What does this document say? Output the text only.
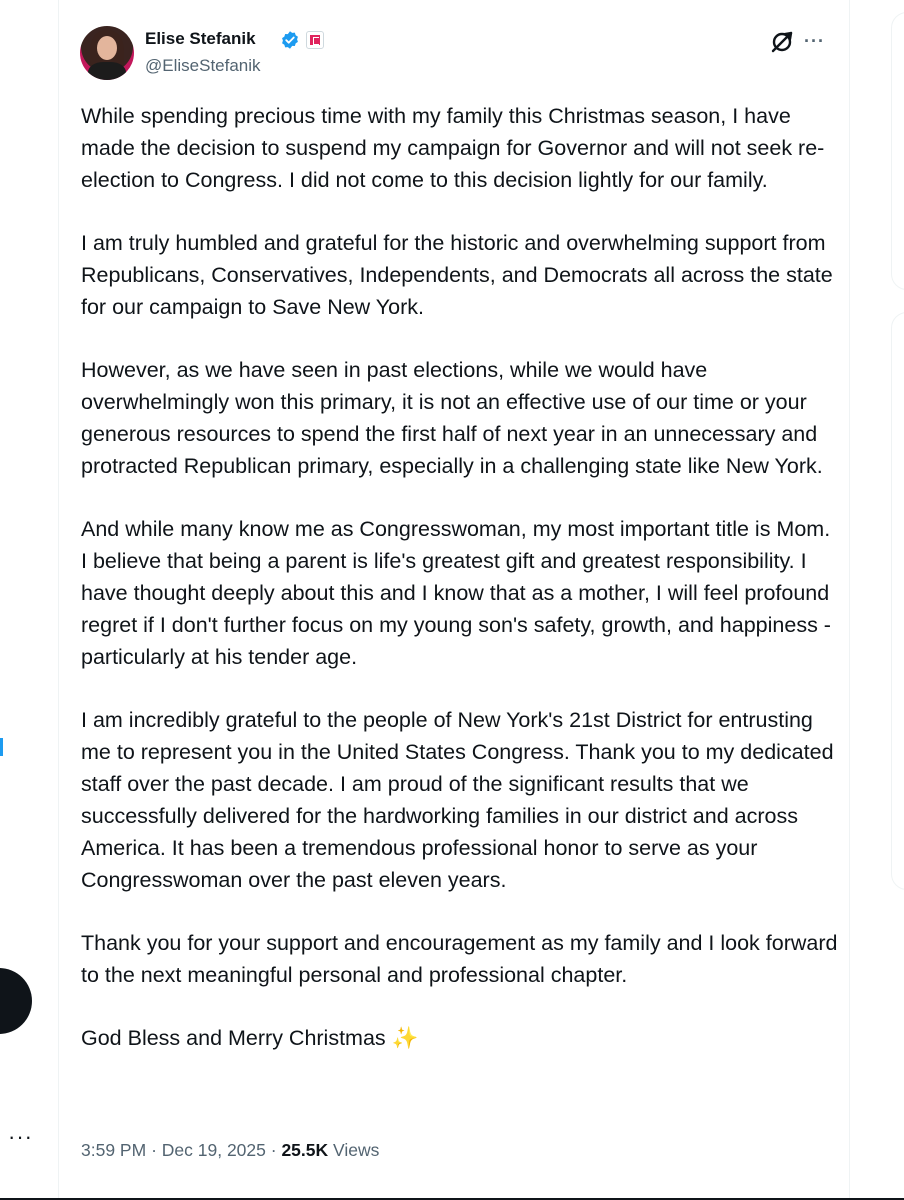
···
Elise Stefanik
@EliseStefanik
···

While spending precious time with my family this Christmas season, I have made the decision to suspend my campaign for Governor and will not seek re-election to Congress. I did not come to this decision lightly for our family.

I am truly humbled and grateful for the historic and overwhelming support from Republicans, Conservatives, Independents, and Democrats all across the state for our campaign to Save New York.

However, as we have seen in past elections, while we would have overwhelmingly won this primary, it is not an effective use of our time or your generous resources to spend the first half of next year in an unnecessary and protracted Republican primary, especially in a challenging state like New York.

And while many know me as Congresswoman, my most important title is Mom. I believe that being a parent is life's greatest gift and greatest responsibility. I have thought deeply about this and I know that as a mother, I will feel profound regret if I don't further focus on my young son's safety, growth, and happiness - particularly at his tender age.

I am incredibly grateful to the people of New York's 21st District for entrusting me to represent you in the United States Congress. Thank you to my dedicated staff over the past decade. I am proud of the significant results that we successfully delivered for the hardworking families in our district and across America. It has been a tremendous professional honor to serve as your Congresswoman over the past eleven years.

Thank you for your support and encouragement as my family and I look forward to the next meaningful personal and professional chapter.

God Bless and Merry Christmas ✨

3:59 PM · Dec 19, 2025 · 25.5K Views
